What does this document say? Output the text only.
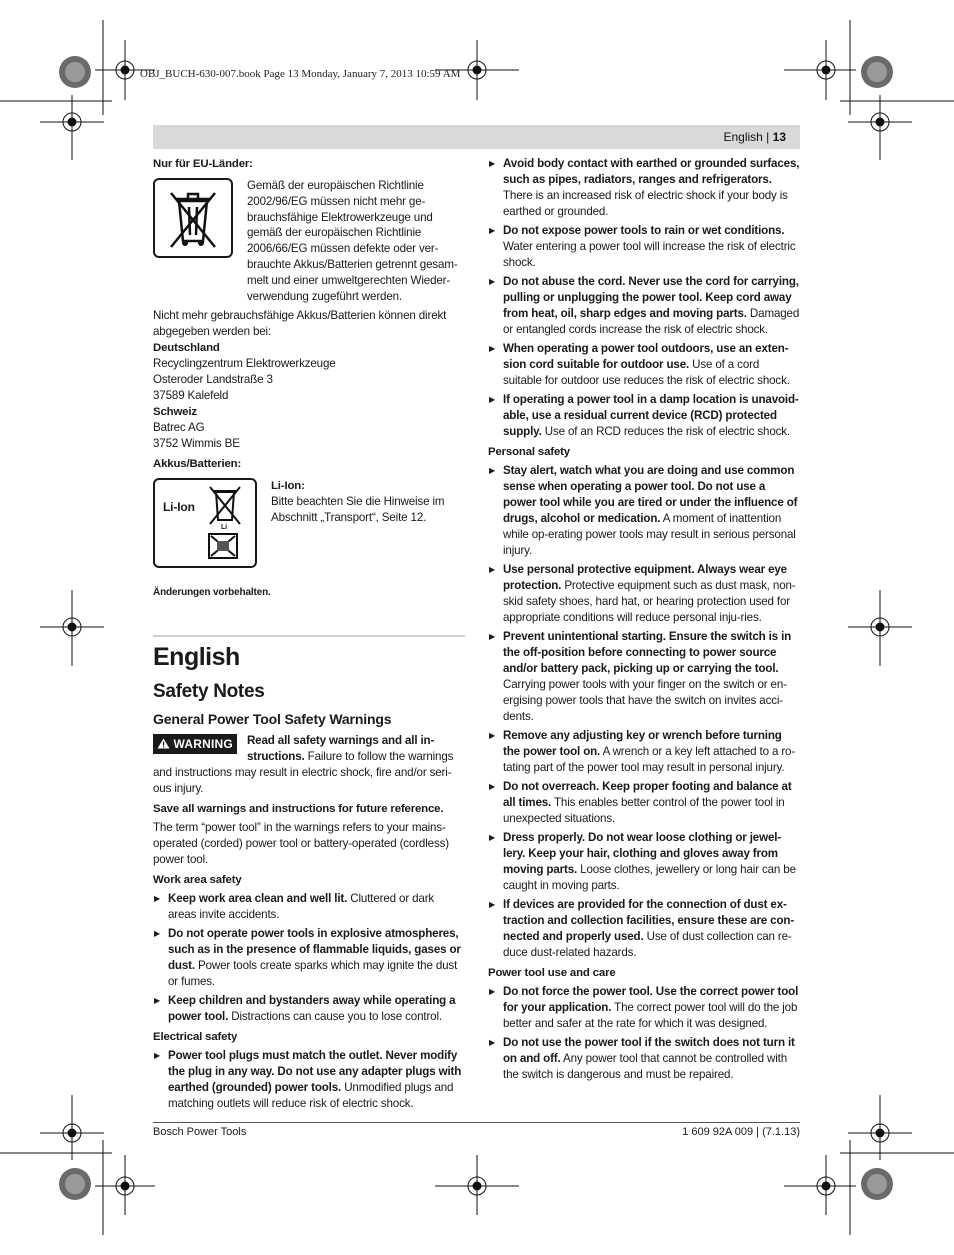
OBJ_BUCH-630-007.book Page 13 Monday, January 7, 2013 10:59 AM
English | 13

Nur für EU-Länder:

Gemäß der europäischen Richtlinie 2002/96/EG müssen nicht mehr ge-brauchsfähige Elektrowerkzeuge und gemäß der europäischen Richtlinie 2006/66/EG müssen defekte oder ver-brauchte Akkus/Batterien getrennt gesam-melt und einer umweltgerechten Wieder-verwendung zugeführt werden.

Nicht mehr gebrauchsfähige Akkus/Batterien können direkt abgegeben werden bei:

Deutschland

Recyclingzentrum Elektrowerkzeuge

Osteroder Landstraße 3

37589 Kalefeld

Schweiz

Batrec AG

3752 Wimmis BE

Akkus/Batterien:

Li-Ion
Li

Li-Ion:

Bitte beachten Sie die Hinweise im Abschnitt „Transport“, Seite 12.

Änderungen vorbehalten.

English

Safety Notes

General Power Tool Safety Warnings

WARNING	Read all safety warnings and all in-structions. Failure to follow the warnings and instructions may result in electric shock, fire and/or seri-ous injury.

Save all warnings and instructions for future reference.

The term “power tool” in the warnings refers to your mains-operated (corded) power tool or battery-operated (cordless) power tool.

Work area safety

▶ Keep work area clean and well lit. Cluttered or dark areas invite accidents.

▶ Do not operate power tools in explosive atmospheres, such as in the presence of flammable liquids, gases or dust. Power tools create sparks which may ignite the dust or fumes.

▶ Keep children and bystanders away while operating a power tool. Distractions can cause you to lose control.

Electrical safety

▶ Power tool plugs must match the outlet. Never modify the plug in any way. Do not use any adapter plugs with earthed (grounded) power tools. Unmodified plugs and matching outlets will reduce risk of electric shock.

▶ Avoid body contact with earthed or grounded surfaces, such as pipes, radiators, ranges and refrigerators. There is an increased risk of electric shock if your body is earthed or grounded.

▶ Do not expose power tools to rain or wet conditions. Water entering a power tool will increase the risk of electric shock.

▶ Do not abuse the cord. Never use the cord for carrying, pulling or unplugging the power tool. Keep cord away from heat, oil, sharp edges and moving parts. Damaged or entangled cords increase the risk of electric shock.

▶ When operating a power tool outdoors, use an exten-sion cord suitable for outdoor use. Use of a cord suitable for outdoor use reduces the risk of electric shock.

▶ If operating a power tool in a damp location is unavoid-able, use a residual current device (RCD) protected supply. Use of an RCD reduces the risk of electric shock.

Personal safety

▶ Stay alert, watch what you are doing and use common sense when operating a power tool. Do not use a power tool while you are tired or under the influence of drugs, alcohol or medication. A moment of inattention while op-erating power tools may result in serious personal injury.

▶ Use personal protective equipment. Always wear eye protection. Protective equipment such as dust mask, non-skid safety shoes, hard hat, or hearing protection used for appropriate conditions will reduce personal inju-ries.

▶ Prevent unintentional starting. Ensure the switch is in the off-position before connecting to power source and/or battery pack, picking up or carrying the tool. Carrying power tools with your finger on the switch or en-ergising power tools that have the switch on invites acci-dents.

▶ Remove any adjusting key or wrench before turning the power tool on. A wrench or a key left attached to a ro-tating part of the power tool may result in personal injury.

▶ Do not overreach. Keep proper footing and balance at all times. This enables better control of the power tool in unexpected situations.

▶ Dress properly. Do not wear loose clothing or jewel-lery. Keep your hair, clothing and gloves away from moving parts. Loose clothes, jewellery or long hair can be caught in moving parts.

▶ If devices are provided for the connection of dust ex-traction and collection facilities, ensure these are con-nected and properly used. Use of dust collection can re-duce dust-related hazards.

Power tool use and care

▶ Do not force the power tool. Use the correct power tool for your application. The correct power tool will do the job better and safer at the rate for which it was designed.

▶ Do not use the power tool if the switch does not turn it on and off. Any power tool that cannot be controlled with the switch is dangerous and must be repaired.

Bosch Power Tools	1 609 92A 009 | (7.1.13)
